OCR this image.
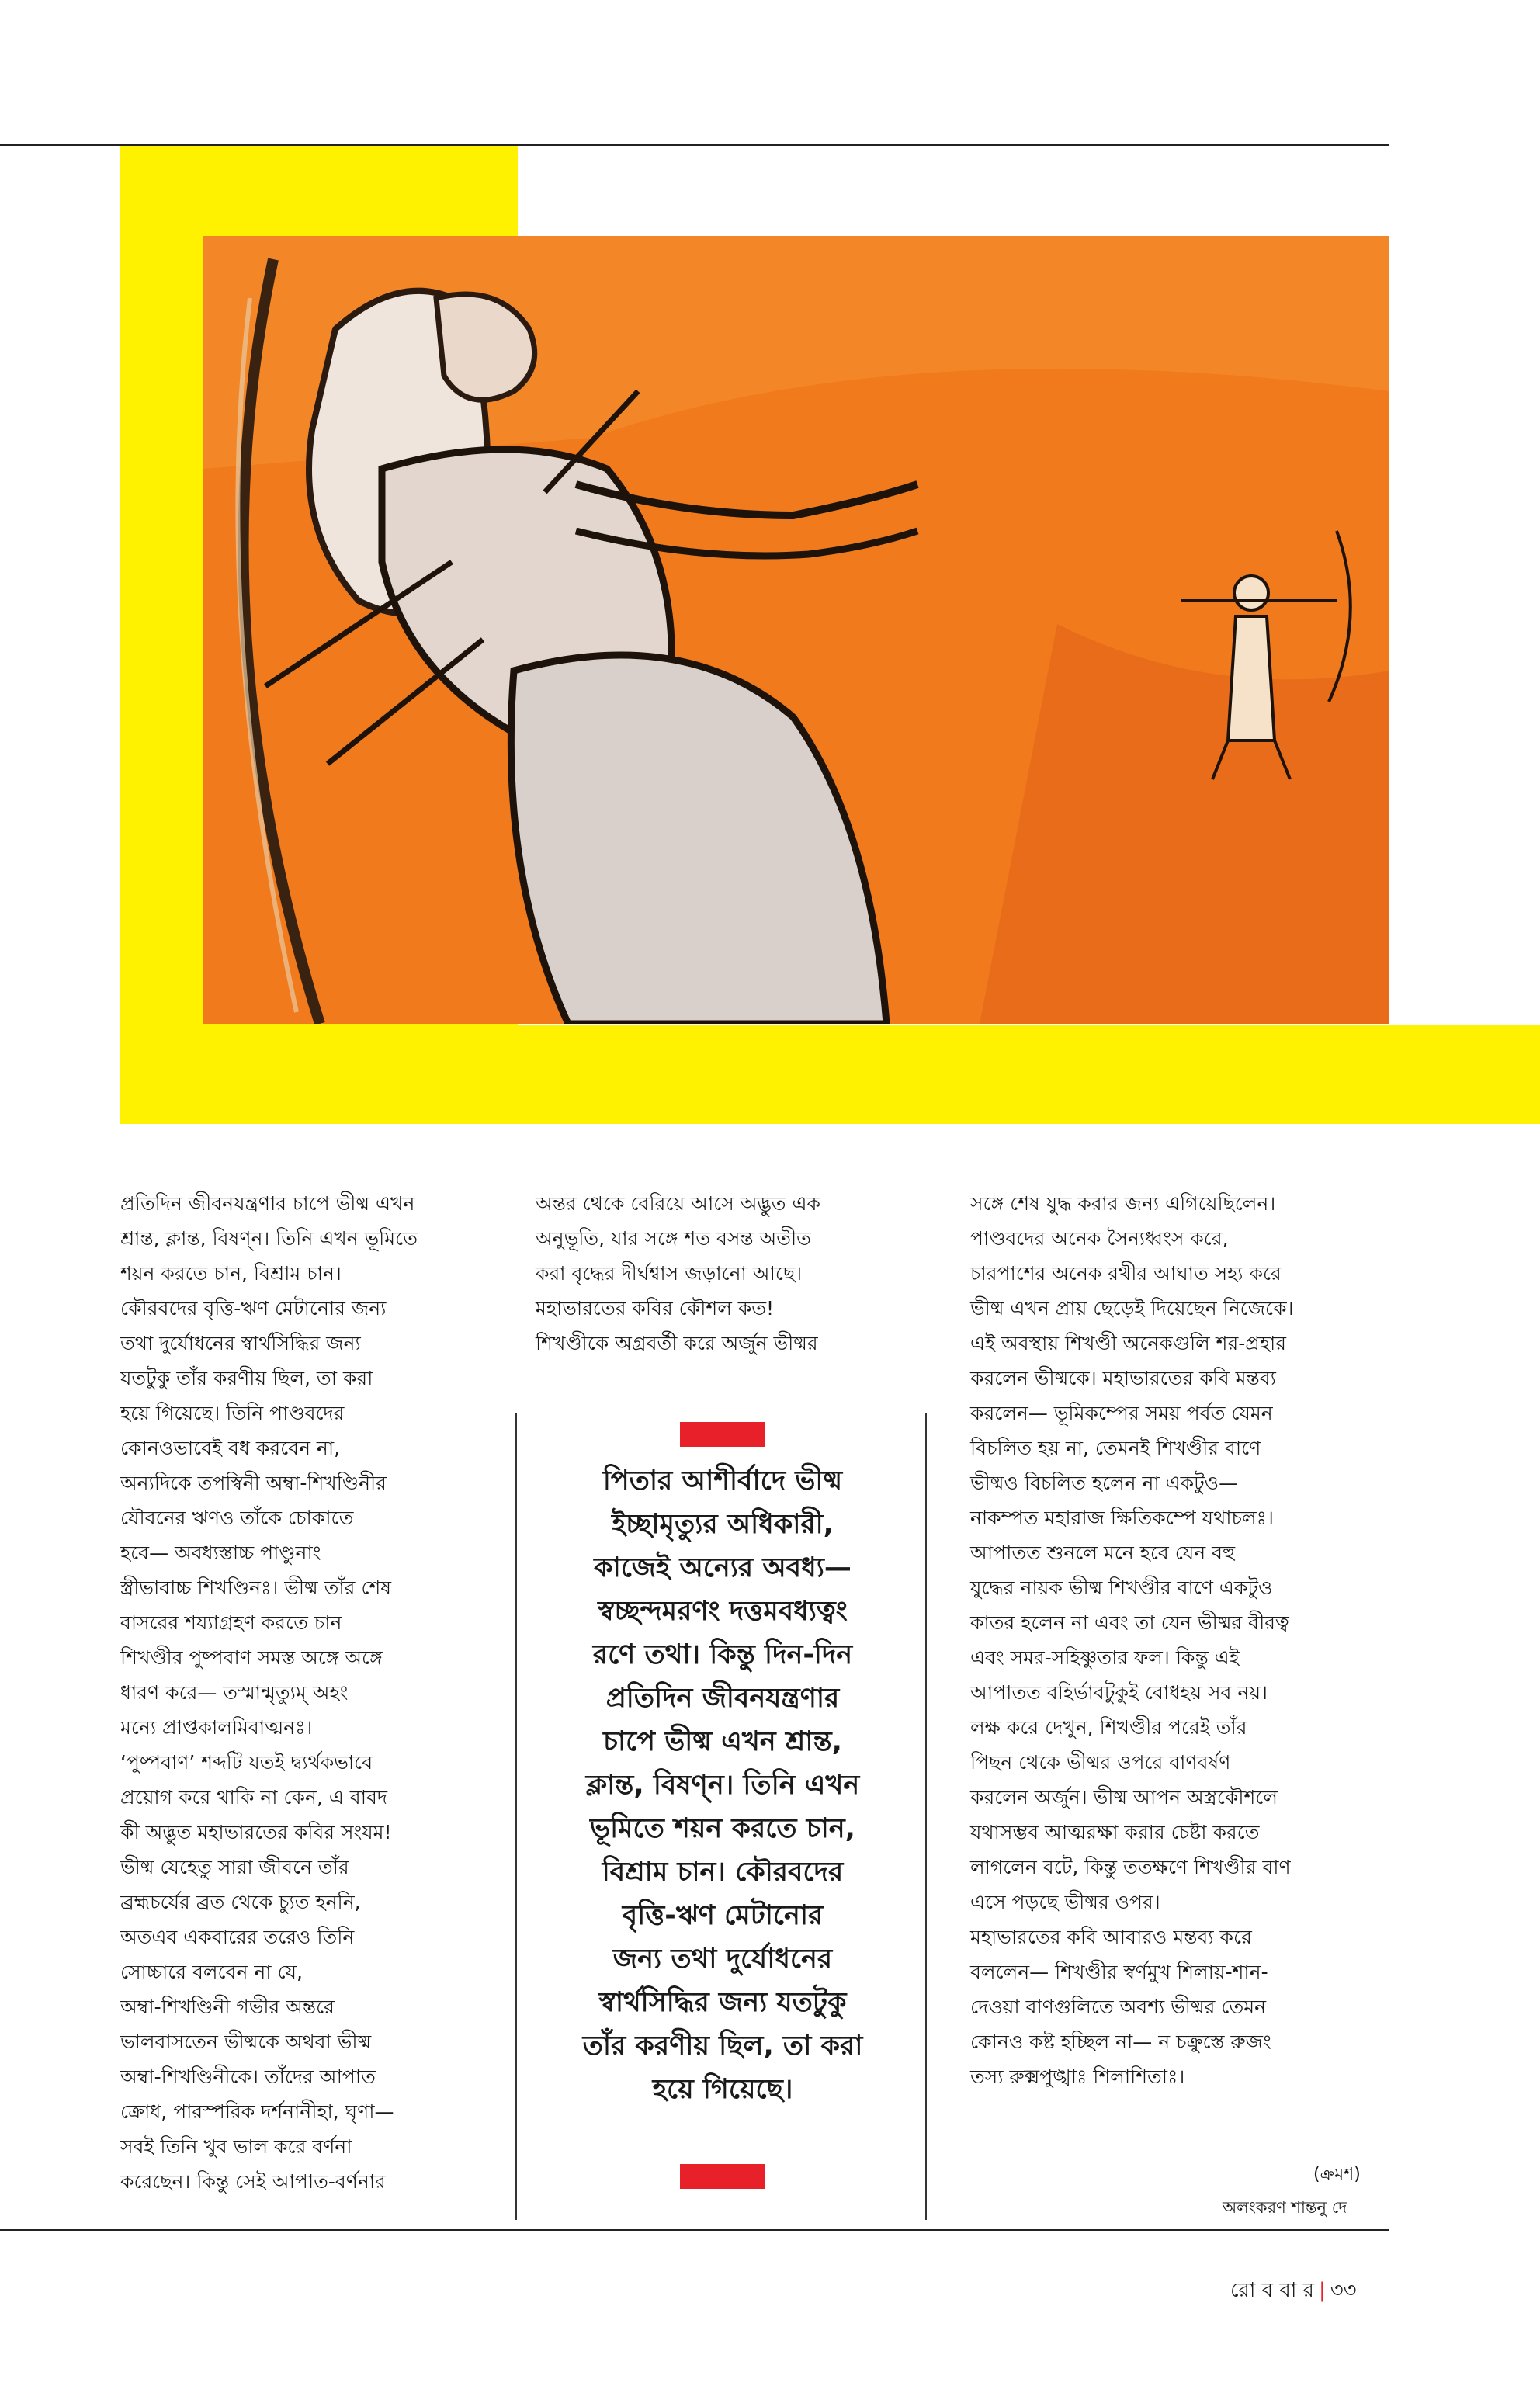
প্রতিদিন জীবনযন্ত্রণার চাপে ভীষ্ম এখন
শ্রান্ত, ক্লান্ত, বিষণ্ন। তিনি এখন ভূমিতে
শয়ন করতে চান, বিশ্রাম চান।
কৌরবদের বৃত্তি-ঋণ মেটানোর জন্য
তথা দুর্যোধনের স্বার্থসিদ্ধির জন্য
যতটুকু তাঁর করণীয় ছিল, তা করা
হয়ে গিয়েছে। তিনি পাণ্ডবদের
কোনওভাবেই বধ করবেন না,
অন্যদিকে তপস্বিনী অম্বা-শিখণ্ডিনীর
যৌবনের ঋণও তাঁকে চোকাতে
হবে— অবধ্যস্তাচ্চ পাণ্ডুনাং
স্ত্রীভাবাচ্চ শিখণ্ডিনঃ। ভীষ্ম তাঁর শেষ
বাসরের শয্যাগ্রহণ করতে চান
শিখণ্ডীর পুষ্পবাণ সমস্ত অঙ্গে অঙ্গে
ধারণ করে— তস্মান্মৃত্যুম্ অহং
মন্যে প্রাপ্তকালমিবাত্মনঃ।
‘পুষ্পবাণ’ শব্দটি যতই দ্ব্যর্থকভাবে
প্রয়োগ করে থাকি না কেন, এ বাবদ
কী অদ্ভুত মহাভারতের কবির সংযম!
ভীষ্ম যেহেতু সারা জীবনে তাঁর
ব্রহ্মচর্যের ব্রত থেকে চ্যুত হননি,
অতএব একবারের তরেও তিনি
সোচ্চারে বলবেন না যে,
অম্বা-শিখণ্ডিনী গভীর অন্তরে
ভালবাসতেন ভীষ্মকে অথবা ভীষ্ম
অম্বা-শিখণ্ডিনীকে। তাঁদের আপাত
ক্রোধ, পারস্পরিক দর্শনানীহা, ঘৃণা—
সবই তিনি খুব ভাল করে বর্ণনা
করেছেন। কিন্তু সেই আপাত-বর্ণনার
অন্তর থেকে বেরিয়ে আসে অদ্ভুত এক
অনুভূতি, যার সঙ্গে শত বসন্ত অতীত
করা বৃদ্ধের দীর্ঘশ্বাস জড়ানো আছে।
মহাভারতের কবির কৌশল কত!
শিখণ্ডীকে অগ্রবর্তী করে অর্জুন ভীষ্মর
সঙ্গে শেষ যুদ্ধ করার জন্য এগিয়েছিলেন।
পাণ্ডবদের অনেক সৈন্যধ্বংস করে,
চারপাশের অনেক রথীর আঘাত সহ্য করে
ভীষ্ম এখন প্রায় ছেড়েই দিয়েছেন নিজেকে।
এই অবস্থায় শিখণ্ডী অনেকগুলি শর-প্রহার
করলেন ভীষ্মকে। মহাভারতের কবি মন্তব্য
করলেন— ভূমিকম্পের সময় পর্বত যেমন
বিচলিত হয় না, তেমনই শিখণ্ডীর বাণে
ভীষ্মও বিচলিত হলেন না একটুও—
নাকম্পত মহারাজ ক্ষিতিকম্পে যথাচলঃ।
আপাতত শুনলে মনে হবে যেন বহু
যুদ্ধের নায়ক ভীষ্ম শিখণ্ডীর বাণে একটুও
কাতর হলেন না এবং তা যেন ভীষ্মর বীরত্ব
এবং সমর-সহিষ্ণুতার ফল। কিন্তু এই
আপাতত বহির্ভাবটুকুই বোধহয় সব নয়।
লক্ষ করে দেখুন, শিখণ্ডীর পরেই তাঁর
পিছন থেকে ভীষ্মর ওপরে বাণবর্ষণ
করলেন অর্জুন। ভীষ্ম আপন অস্ত্রকৌশলে
যথাসম্ভব আত্মরক্ষা করার চেষ্টা করতে
লাগলেন বটে, কিন্তু ততক্ষণে শিখণ্ডীর বাণ
এসে পড়ছে ভীষ্মর ওপর।
মহাভারতের কবি আবারও মন্তব্য করে
বললেন— শিখণ্ডীর স্বর্ণমুখ শিলায়-শান-
দেওয়া বাণগুলিতে অবশ্য ভীষ্মর তেমন
কোনও কষ্ট হচ্ছিল না— ন চক্রুস্তে রুজং
তস্য রুক্মপুঙ্খাঃ শিলাশিতাঃ।
পিতার আশীর্বাদে ভীষ্ম
ইচ্ছামৃত্যুর অধিকারী,
কাজেই অন্যের অবধ্য—
স্বচ্ছন্দমরণং দত্তমবধ্যত্বং
রণে তথা। কিন্তু দিন-দিন
প্রতিদিন জীবনযন্ত্রণার
চাপে ভীষ্ম এখন শ্রান্ত,
ক্লান্ত, বিষণ্ন। তিনি এখন
ভূমিতে শয়ন করতে চান,
বিশ্রাম চান। কৌরবদের
বৃত্তি-ঋণ মেটানোর
জন্য তথা দুর্যোধনের
স্বার্থসিদ্ধির জন্য যতটুকু
তাঁর করণীয় ছিল, তা করা
হয়ে গিয়েছে।
(ক্রমশ)
অলংকরণ শান্তনু দে
রো ব বা র | ৩৩
